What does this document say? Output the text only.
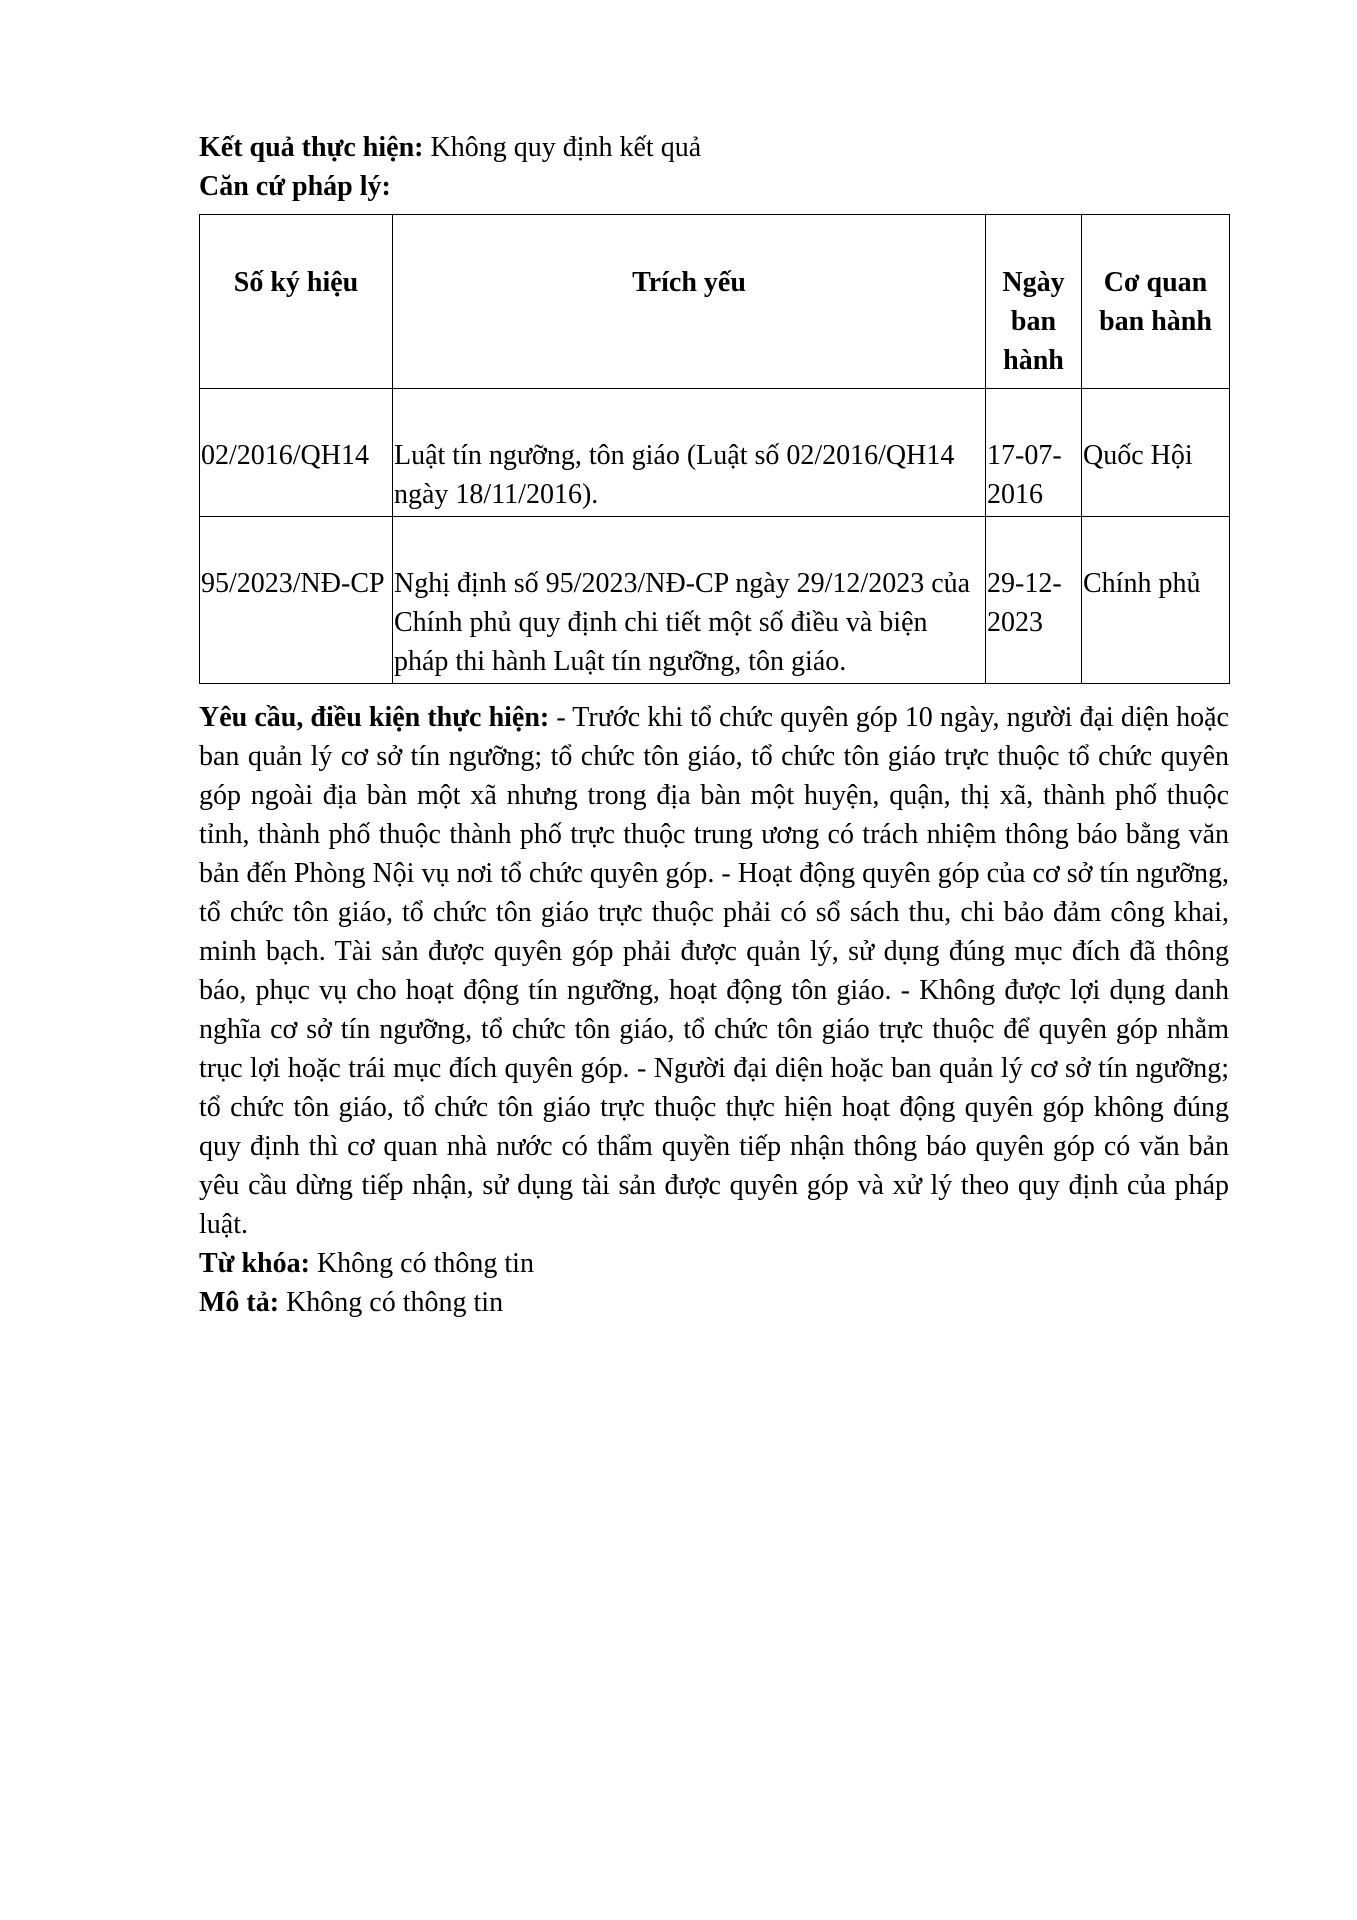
Kết quả thực hiện: Không quy định kết quả

Căn cứ pháp lý:

Số ký hiệu	Trích yếu	Ngày ban hành	Cơ quan ban hành
02/2016/QH14	Luật tín ngưỡng, tôn giáo (Luật số 02/2016/QH14 ngày 18/11/2016).	17-07-2016	Quốc Hội
95/2023/NĐ-CP	Nghị định số 95/2023/NĐ-CP ngày 29/12/2023 của Chính phủ quy định chi tiết một số điều và biện pháp thi hành Luật tín ngưỡng, tôn giáo.	29-12-2023	Chính phủ

Yêu cầu, điều kiện thực hiện: - Trước khi tổ chức quyên góp 10 ngày, người đại diện hoặc ban quản lý cơ sở tín ngưỡng; tổ chức tôn giáo, tổ chức tôn giáo trực thuộc tổ chức quyên góp ngoài địa bàn một xã nhưng trong địa bàn một huyện, quận, thị xã, thành phố thuộc tỉnh, thành phố thuộc thành phố trực thuộc trung ương có trách nhiệm thông báo bằng văn bản đến Phòng Nội vụ nơi tổ chức quyên góp. - Hoạt động quyên góp của cơ sở tín ngưỡng, tổ chức tôn giáo, tổ chức tôn giáo trực thuộc phải có sổ sách thu, chi bảo đảm công khai, minh bạch. Tài sản được quyên góp phải được quản lý, sử dụng đúng mục đích đã thông báo, phục vụ cho hoạt động tín ngưỡng, hoạt động tôn giáo. - Không được lợi dụng danh nghĩa cơ sở tín ngưỡng, tổ chức tôn giáo, tổ chức tôn giáo trực thuộc để quyên góp nhằm trục lợi hoặc trái mục đích quyên góp. - Người đại diện hoặc ban quản lý cơ sở tín ngưỡng; tổ chức tôn giáo, tổ chức tôn giáo trực thuộc thực hiện hoạt động quyên góp không đúng quy định thì cơ quan nhà nước có thẩm quyền tiếp nhận thông báo quyên góp có văn bản yêu cầu dừng tiếp nhận, sử dụng tài sản được quyên góp và xử lý theo quy định của pháp luật.

Từ khóa: Không có thông tin

Mô tả: Không có thông tin
